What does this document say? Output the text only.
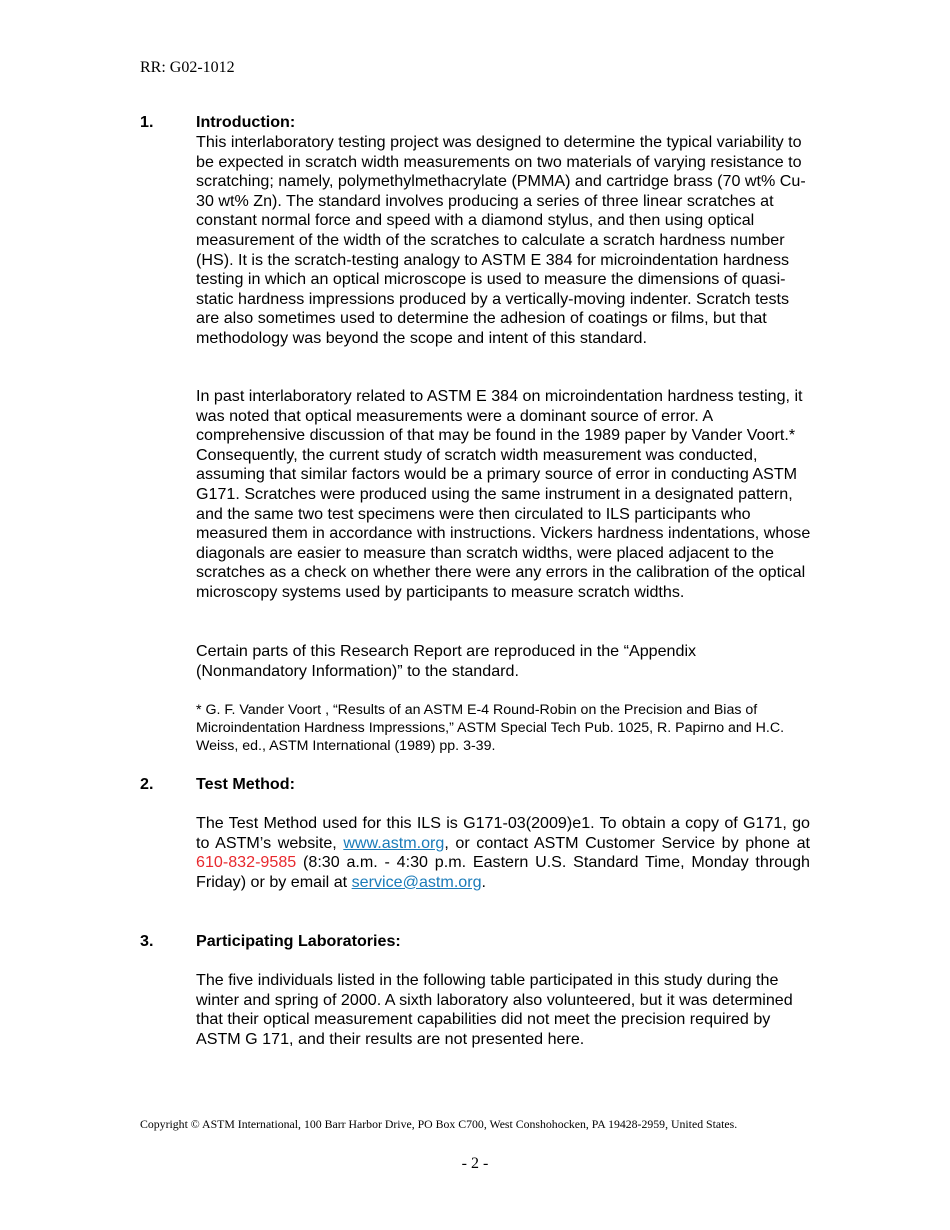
RR: G02-1012
1.	Introduction:

This interlaboratory testing project was designed to determine the typical variability to be expected in scratch width measurements on two materials of varying resistance to scratching; namely, polymethylmethacrylate (PMMA) and cartridge brass (70 wt% Cu-30 wt% Zn). The standard involves producing a series of three linear scratches at constant normal force and speed with a diamond stylus, and then using optical measurement of the width of the scratches to calculate a scratch hardness number (HS). It is the scratch-testing analogy to ASTM E 384 for microindentation hardness testing in which an optical microscope is used to measure the dimensions of quasi-static hardness impressions produced by a vertically-moving indenter. Scratch tests are also sometimes used to determine the adhesion of coatings or films, but that methodology was beyond the scope and intent of this standard.

In past interlaboratory related to ASTM E 384 on microindentation hardness testing, it was noted that optical measurements were a dominant source of error. A comprehensive discussion of that may be found in the 1989 paper by Vander Voort.* Consequently, the current study of scratch width measurement was conducted, assuming that similar factors would be a primary source of error in conducting ASTM G171. Scratches were produced using the same instrument in a designated pattern, and the same two test specimens were then circulated to ILS participants who measured them in accordance with instructions. Vickers hardness indentations, whose diagonals are easier to measure than scratch widths, were placed adjacent to the scratches as a check on whether there were any errors in the calibration of the optical microscopy systems used by participants to measure scratch widths.

Certain parts of this Research Report are reproduced in the “Appendix (Nonmandatory Information)” to the standard.

* G. F. Vander Voort , “Results of an ASTM E-4 Round-Robin on the Precision and Bias of Microindentation Hardness Impressions,” ASTM Special Tech Pub. 1025, R. Papirno and H.C. Weiss, ed., ASTM International (1989) pp. 3-39.
2.	Test Method:

The Test Method used for this ILS is G171-03(2009)e1. To obtain a copy of G171, go to ASTM’s website, www.astm.org, or contact ASTM Customer Service by phone at 610-832-9585 (8:30 a.m. - 4:30 p.m. Eastern U.S. Standard Time, Monday through Friday) or by email at service@astm.org.

3.	Participating Laboratories:

The five individuals listed in the following table participated in this study during the winter and spring of 2000. A sixth laboratory also volunteered, but it was determined that their optical measurement capabilities did not meet the precision required by ASTM G 171, and their results are not presented here.

Copyright © ASTM International, 100 Barr Harbor Drive, PO Box C700, West Conshohocken, PA 19428-2959, United States.
- 2 -
